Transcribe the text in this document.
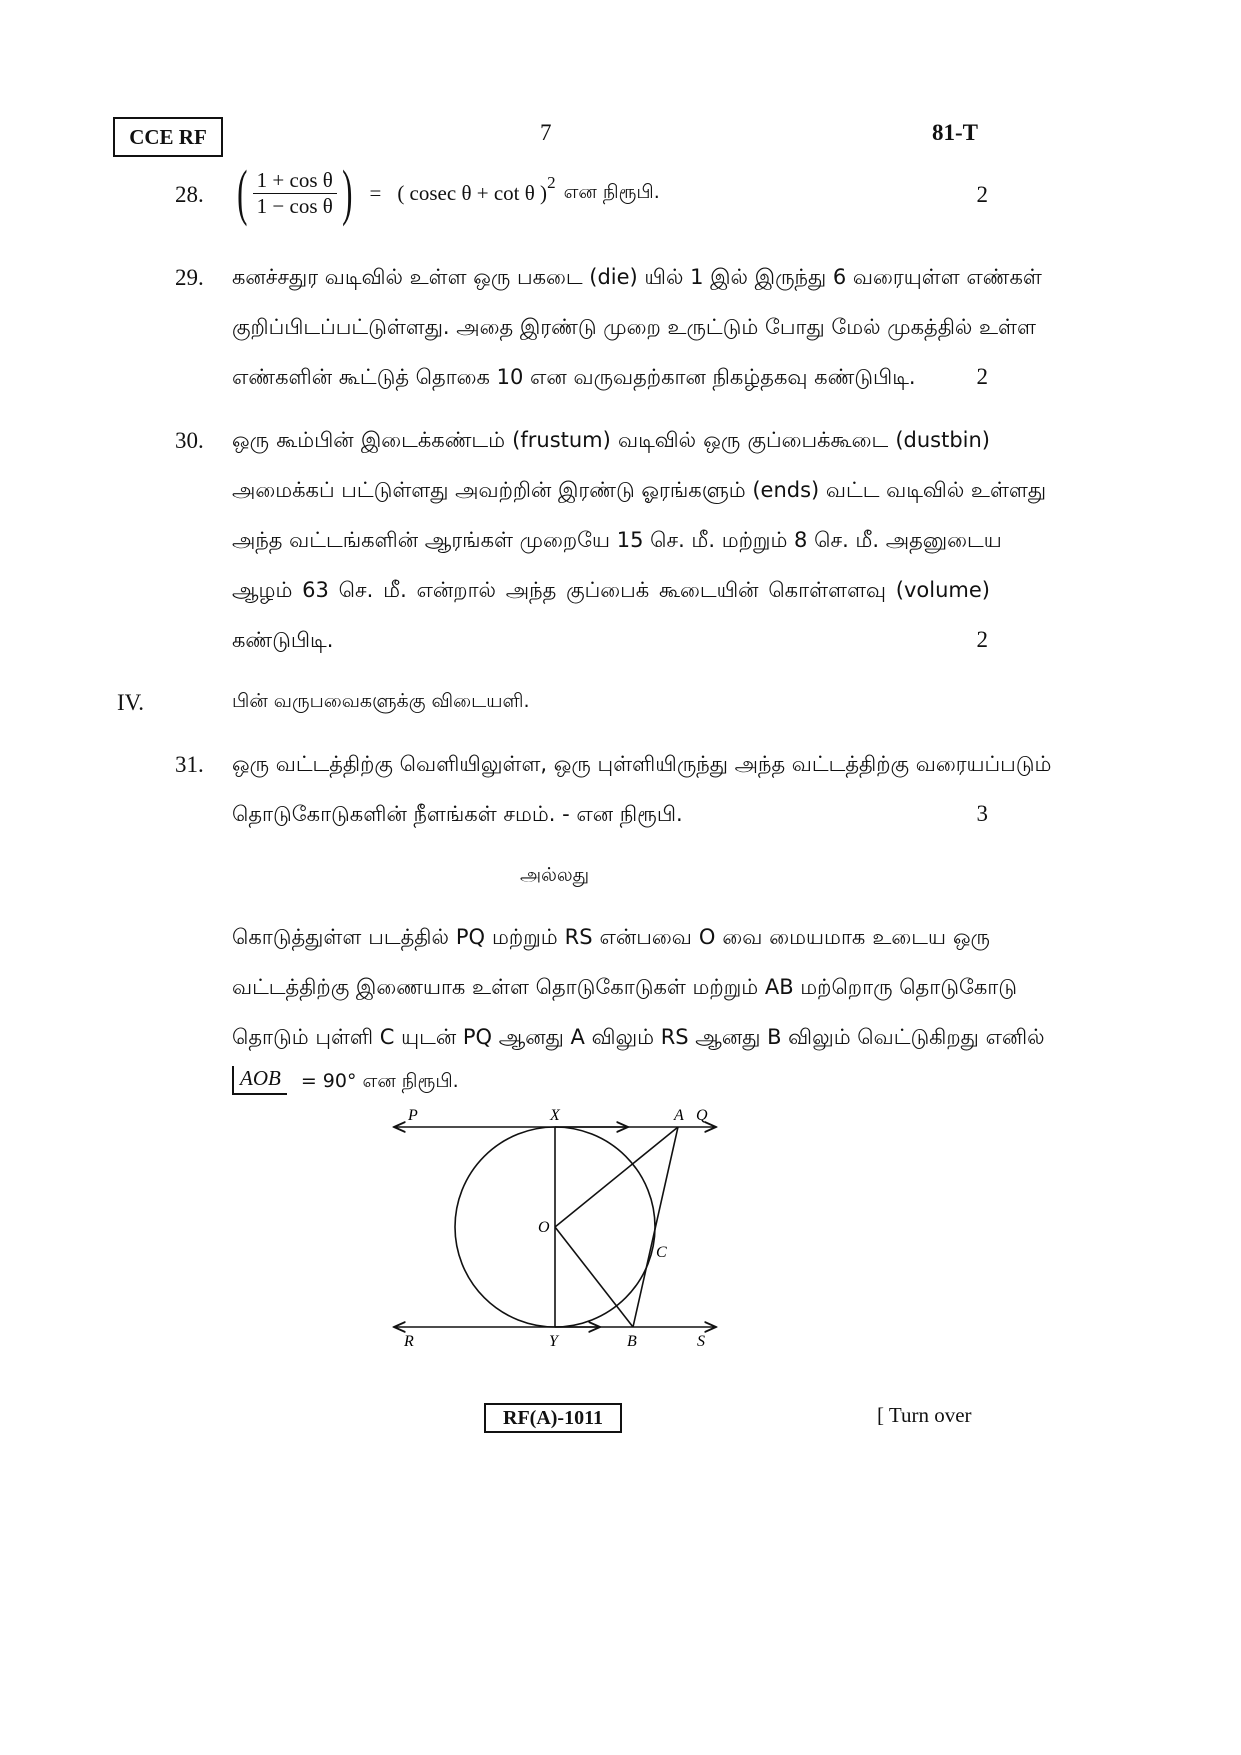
CCE RF	7	81-T
28. ( $\frac{\text{1 + cos θ}}{\text{1 − cos θ}}$ ) = ( cosec θ + cot θ )$^2$ என நிரூபி.	2
29. கனச்சதுர வடிவில் உள்ள ஒரு பகடை (die) யில் 1 இல் இருந்து 6 வரையுள்ள எண்கள்
குறிப்பிடப்பட்டுள்ளது. அதை இரண்டு முறை உருட்டும் போது மேல் முகத்தில் உள்ள
எண்களின் கூட்டுத் தொகை 10 என வருவதற்கான நிகழ்தகவு கண்டுபிடி.	2
30. ஒரு கூம்பின் இடைக்கண்டம் (frustum) வடிவில் ஒரு குப்பைக்கூடை (dustbin)
அமைக்கப் பட்டுள்ளது அவற்றின் இரண்டு ஓரங்களும் (ends) வட்ட வடிவில் உள்ளது
அந்த வட்டங்களின் ஆரங்கள் முறையே 15 செ. மீ. மற்றும் 8 செ. மீ. அதனுடைய
ஆழம் 63 செ. மீ. என்றால் அந்த குப்பைக் கூடையின் கொள்ளளவு (volume)
கண்டுபிடி.	2
IV.	பின் வருபவைகளுக்கு விடையளி.
31. ஒரு வட்டத்திற்கு வெளியிலுள்ள, ஒரு புள்ளியிருந்து அந்த வட்டத்திற்கு வரையப்படும்
தொடுகோடுகளின் நீளங்கள் சமம். - என நிரூபி.	3
அல்லது
கொடுத்துள்ள படத்தில் PQ மற்றும் RS என்பவை O வை மையமாக உடைய ஒரு
வட்டத்திற்கு இணையாக உள்ள தொடுகோடுகள் மற்றும் AB மற்றொரு தொடுகோடு
தொடும் புள்ளி C யுடன் PQ ஆனது A விலும் RS ஆனது B விலும் வெட்டுகிறது எனில்
AOB	= 90° என நிரூபி.
P	X	A Q
O
C
R	Y	B	S
RF(A)-1011	[ Turn over
